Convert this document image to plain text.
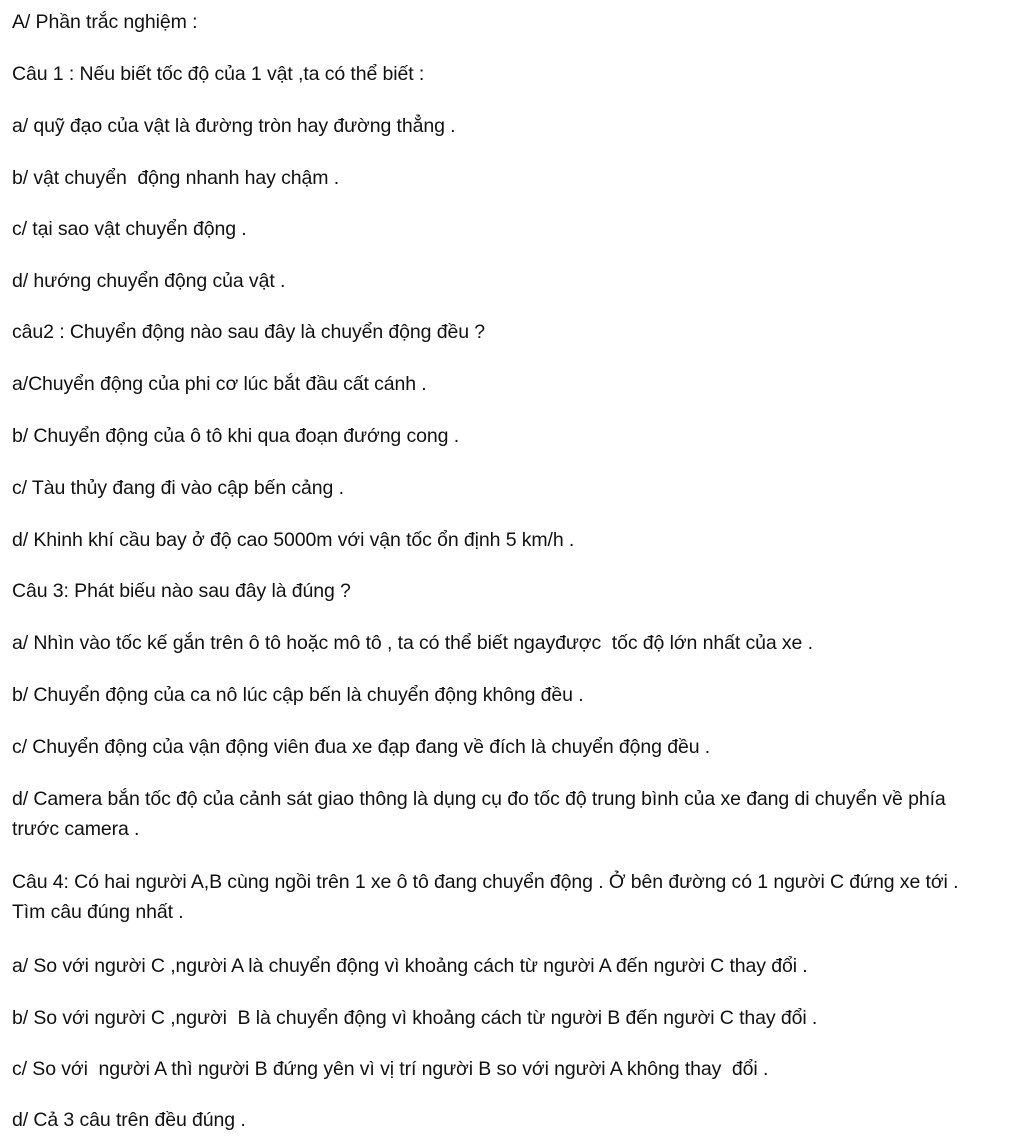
A/ Phần trắc nghiệm :
Câu 1 : Nếu biết tốc độ của 1 vật ,ta có thể biết :
a/ quỹ đạo của vật là đường tròn hay đường thẳng .
b/ vật chuyển  động nhanh hay chậm .
c/ tại sao vật chuyển động .
d/ hướng chuyển động của vật .
câu2 : Chuyển động nào sau đây là chuyển động đều ?
a/Chuyển động của phi cơ lúc bắt đầu cất cánh .
b/ Chuyển động của ô tô khi qua đoạn đướng cong .
c/ Tàu thủy đang đi vào cập bến cảng .
d/ Khinh khí cầu bay ở độ cao 5000m với vận tốc ổn định 5 km/h .
Câu 3: Phát biếu nào sau đây là đúng ?
a/ Nhìn vào tốc kế gắn trên ô tô hoặc mô tô , ta có thể biết ngayđược  tốc độ lớn nhất của xe .
b/ Chuyển động của ca nô lúc cập bến là chuyển động không đều .
c/ Chuyển động của vận động viên đua xe đạp đang về đích là chuyển động đều .
d/ Camera bắn tốc độ của cảnh sát giao thông là dụng cụ đo tốc độ trung bình của xe đang di chuyển về phía trước camera .
Câu 4: Có hai người A,B cùng ngồi trên 1 xe ô tô đang chuyển động . Ở bên đường có 1 người C đứng xe tới . Tìm câu đúng nhất .
a/ So với người C ,người A là chuyển động vì khoảng cách từ người A đến người C thay đổi .
b/ So với người C ,người  B là chuyển động vì khoảng cách từ người B đến người C thay đổi .
c/ So với  người A thì người B đứng yên vì vị trí người B so với người A không thay  đổi .
d/ Cả 3 câu trên đều đúng .
